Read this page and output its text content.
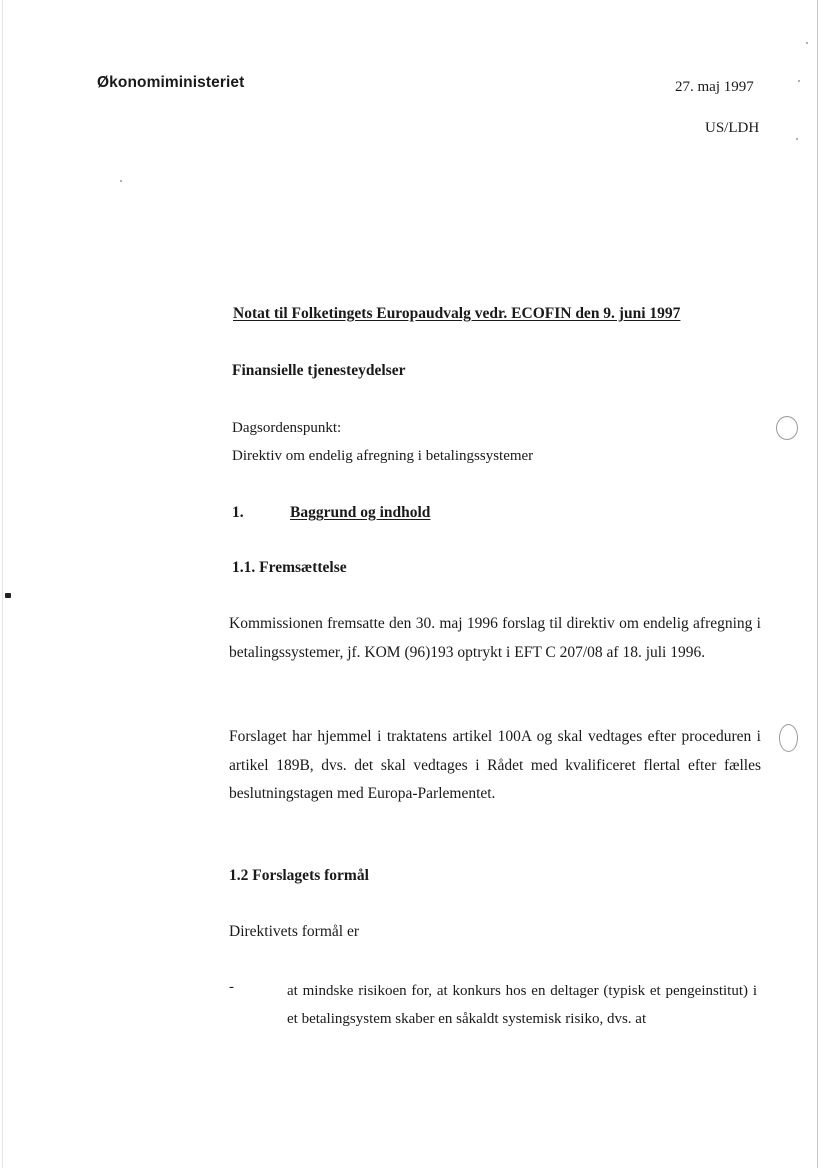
Økonomiministeriet	27. maj 1997
US/LDH
Notat til Folketingets Europaudvalg vedr. ECOFIN den 9. juni 1997
Finansielle tjenesteydelser
Dagsordenspunkt:
Direktiv om endelig afregning i betalingssystemer
1.	Baggrund og indhold
1.1. Fremsættelse
Kommissionen fremsatte den 30. maj 1996 forslag til direktiv om endelig afregning i betalingssystemer, jf. KOM (96)193 optrykt i EFT C 207/08 af 18. juli 1996.
Forslaget har hjemmel i traktatens artikel 100A og skal vedtages efter proceduren i artikel 189B, dvs. det skal vedtages i Rådet med kvalificeret flertal efter fælles beslutningstagen med Europa-Parlementet.
1.2 Forslagets formål
Direktivets formål er
-	at mindske risikoen for, at konkurs hos en deltager (typisk et pengeinstitut) i et betalingsystem skaber en såkaldt systemisk risiko, dvs. at
